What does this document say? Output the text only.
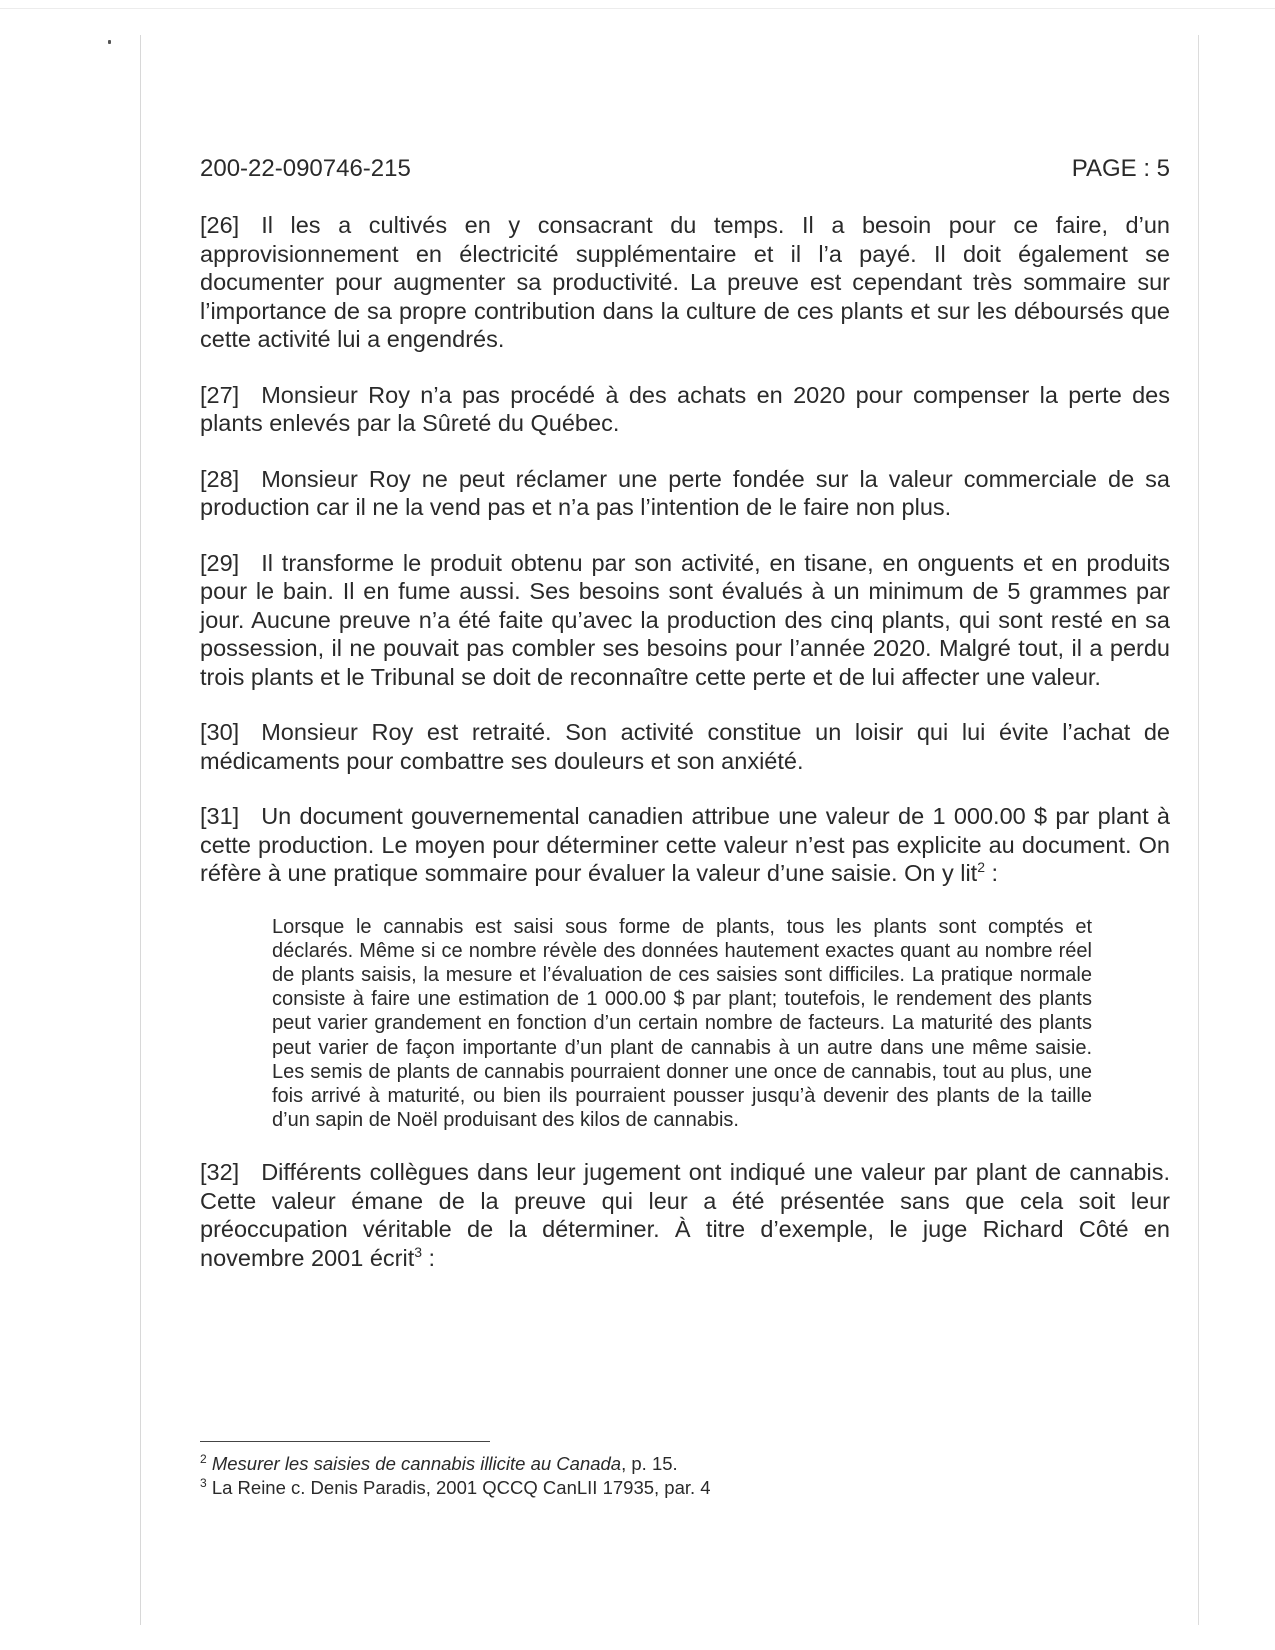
200-22-090746-215	PAGE : 5

[26] Il les a cultivés en y consacrant du temps. Il a besoin pour ce faire, d’un approvisionnement en électricité supplémentaire et il l’a payé. Il doit également se documenter pour augmenter sa productivité. La preuve est cependant très sommaire sur l’importance de sa propre contribution dans la culture de ces plants et sur les déboursés que cette activité lui a engendrés.

[27] Monsieur Roy n’a pas procédé à des achats en 2020 pour compenser la perte des plants enlevés par la Sûreté du Québec.

[28] Monsieur Roy ne peut réclamer une perte fondée sur la valeur commerciale de sa production car il ne la vend pas et n’a pas l’intention de le faire non plus.

[29] Il transforme le produit obtenu par son activité, en tisane, en onguents et en produits pour le bain. Il en fume aussi. Ses besoins sont évalués à un minimum de 5 grammes par jour. Aucune preuve n’a été faite qu’avec la production des cinq plants, qui sont resté en sa possession, il ne pouvait pas combler ses besoins pour l’année 2020. Malgré tout, il a perdu trois plants et le Tribunal se doit de reconnaître cette perte et de lui affecter une valeur.

[30] Monsieur Roy est retraité. Son activité constitue un loisir qui lui évite l’achat de médicaments pour combattre ses douleurs et son anxiété.

[31] Un document gouvernemental canadien attribue une valeur de 1 000.00 $ par plant à cette production. Le moyen pour déterminer cette valeur n’est pas explicite au document. On réfère à une pratique sommaire pour évaluer la valeur d’une saisie. On y lit$^2$ :

Lorsque le cannabis est saisi sous forme de plants, tous les plants sont comptés et déclarés. Même si ce nombre révèle des données hautement exactes quant au nombre réel de plants saisis, la mesure et l’évaluation de ces saisies sont difficiles. La pratique normale consiste à faire une estimation de 1 000.00 $ par plant; toutefois, le rendement des plants peut varier grandement en fonction d’un certain nombre de facteurs. La maturité des plants peut varier de façon importante d’un plant de cannabis à un autre dans une même saisie. Les semis de plants de cannabis pourraient donner une once de cannabis, tout au plus, une fois arrivé à maturité, ou bien ils pourraient pousser jusqu’à devenir des plants de la taille d’un sapin de Noël produisant des kilos de cannabis.

[32] Différents collègues dans leur jugement ont indiqué une valeur par plant de cannabis. Cette valeur émane de la preuve qui leur a été présentée sans que cela soit leur préoccupation véritable de la déterminer. À titre d’exemple, le juge Richard Côté en novembre 2001 écrit$^3$ :

$^2$ Mesurer les saisies de cannabis illicite au Canada, p. 15.
$^3$ La Reine c. Denis Paradis, 2001 QCCQ CanLII 17935, par. 4
